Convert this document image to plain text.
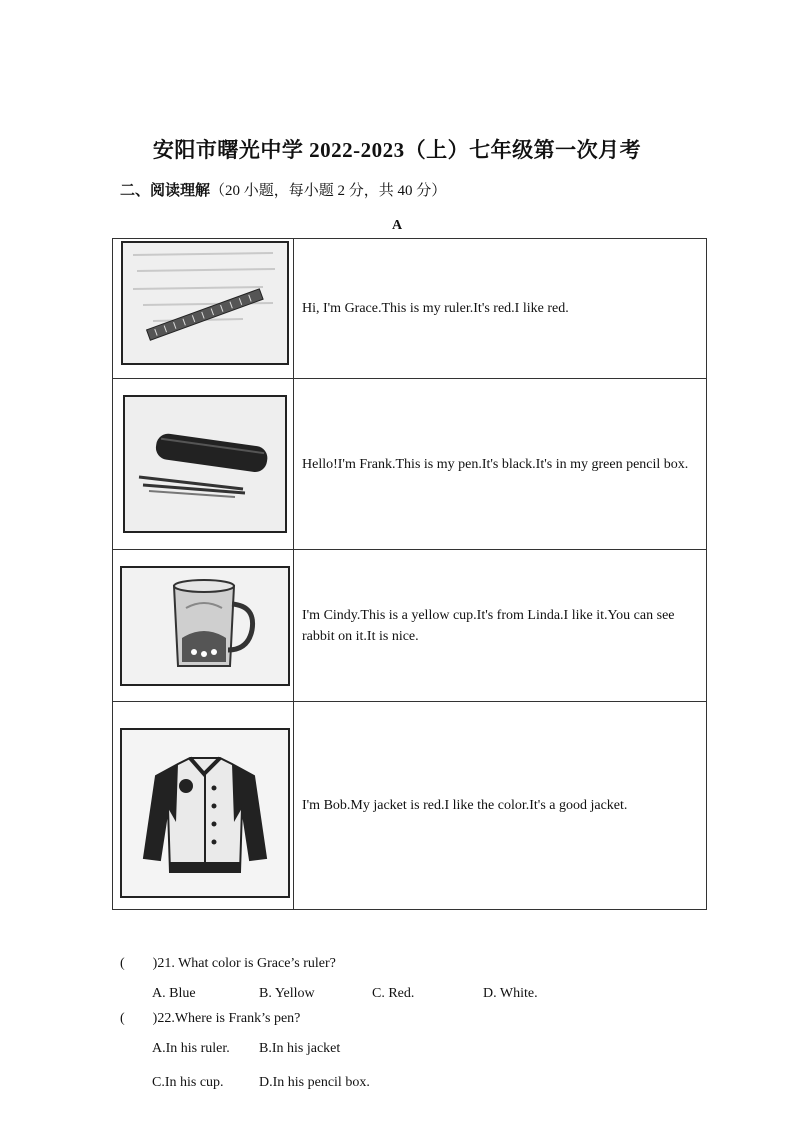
安阳市曙光中学 2022-2023（上）七年级第一次月考
二、阅读理解（20 小题，每小题 2 分，共 40 分）
A
	Hi, I'm Grace.This is my ruler.It's red.I like red.

	Hello!I'm Frank.This is my pen.It's black.It's in my green pencil box.

	I'm Cindy.This is a yellow cup.It's from Linda.I like it.You can see rabbit on it.It is nice.

	I'm Bob.My jacket is red.I like the color.It's a good jacket.
(　　)21. What color is Grace’s ruler?
A. Blue	B. Yellow	C. Red.	D. White.
(　　)22.Where is Frank’s pen?
A.In his ruler. B.In his jacket
C.In his cup.	D.In his pencil box.
